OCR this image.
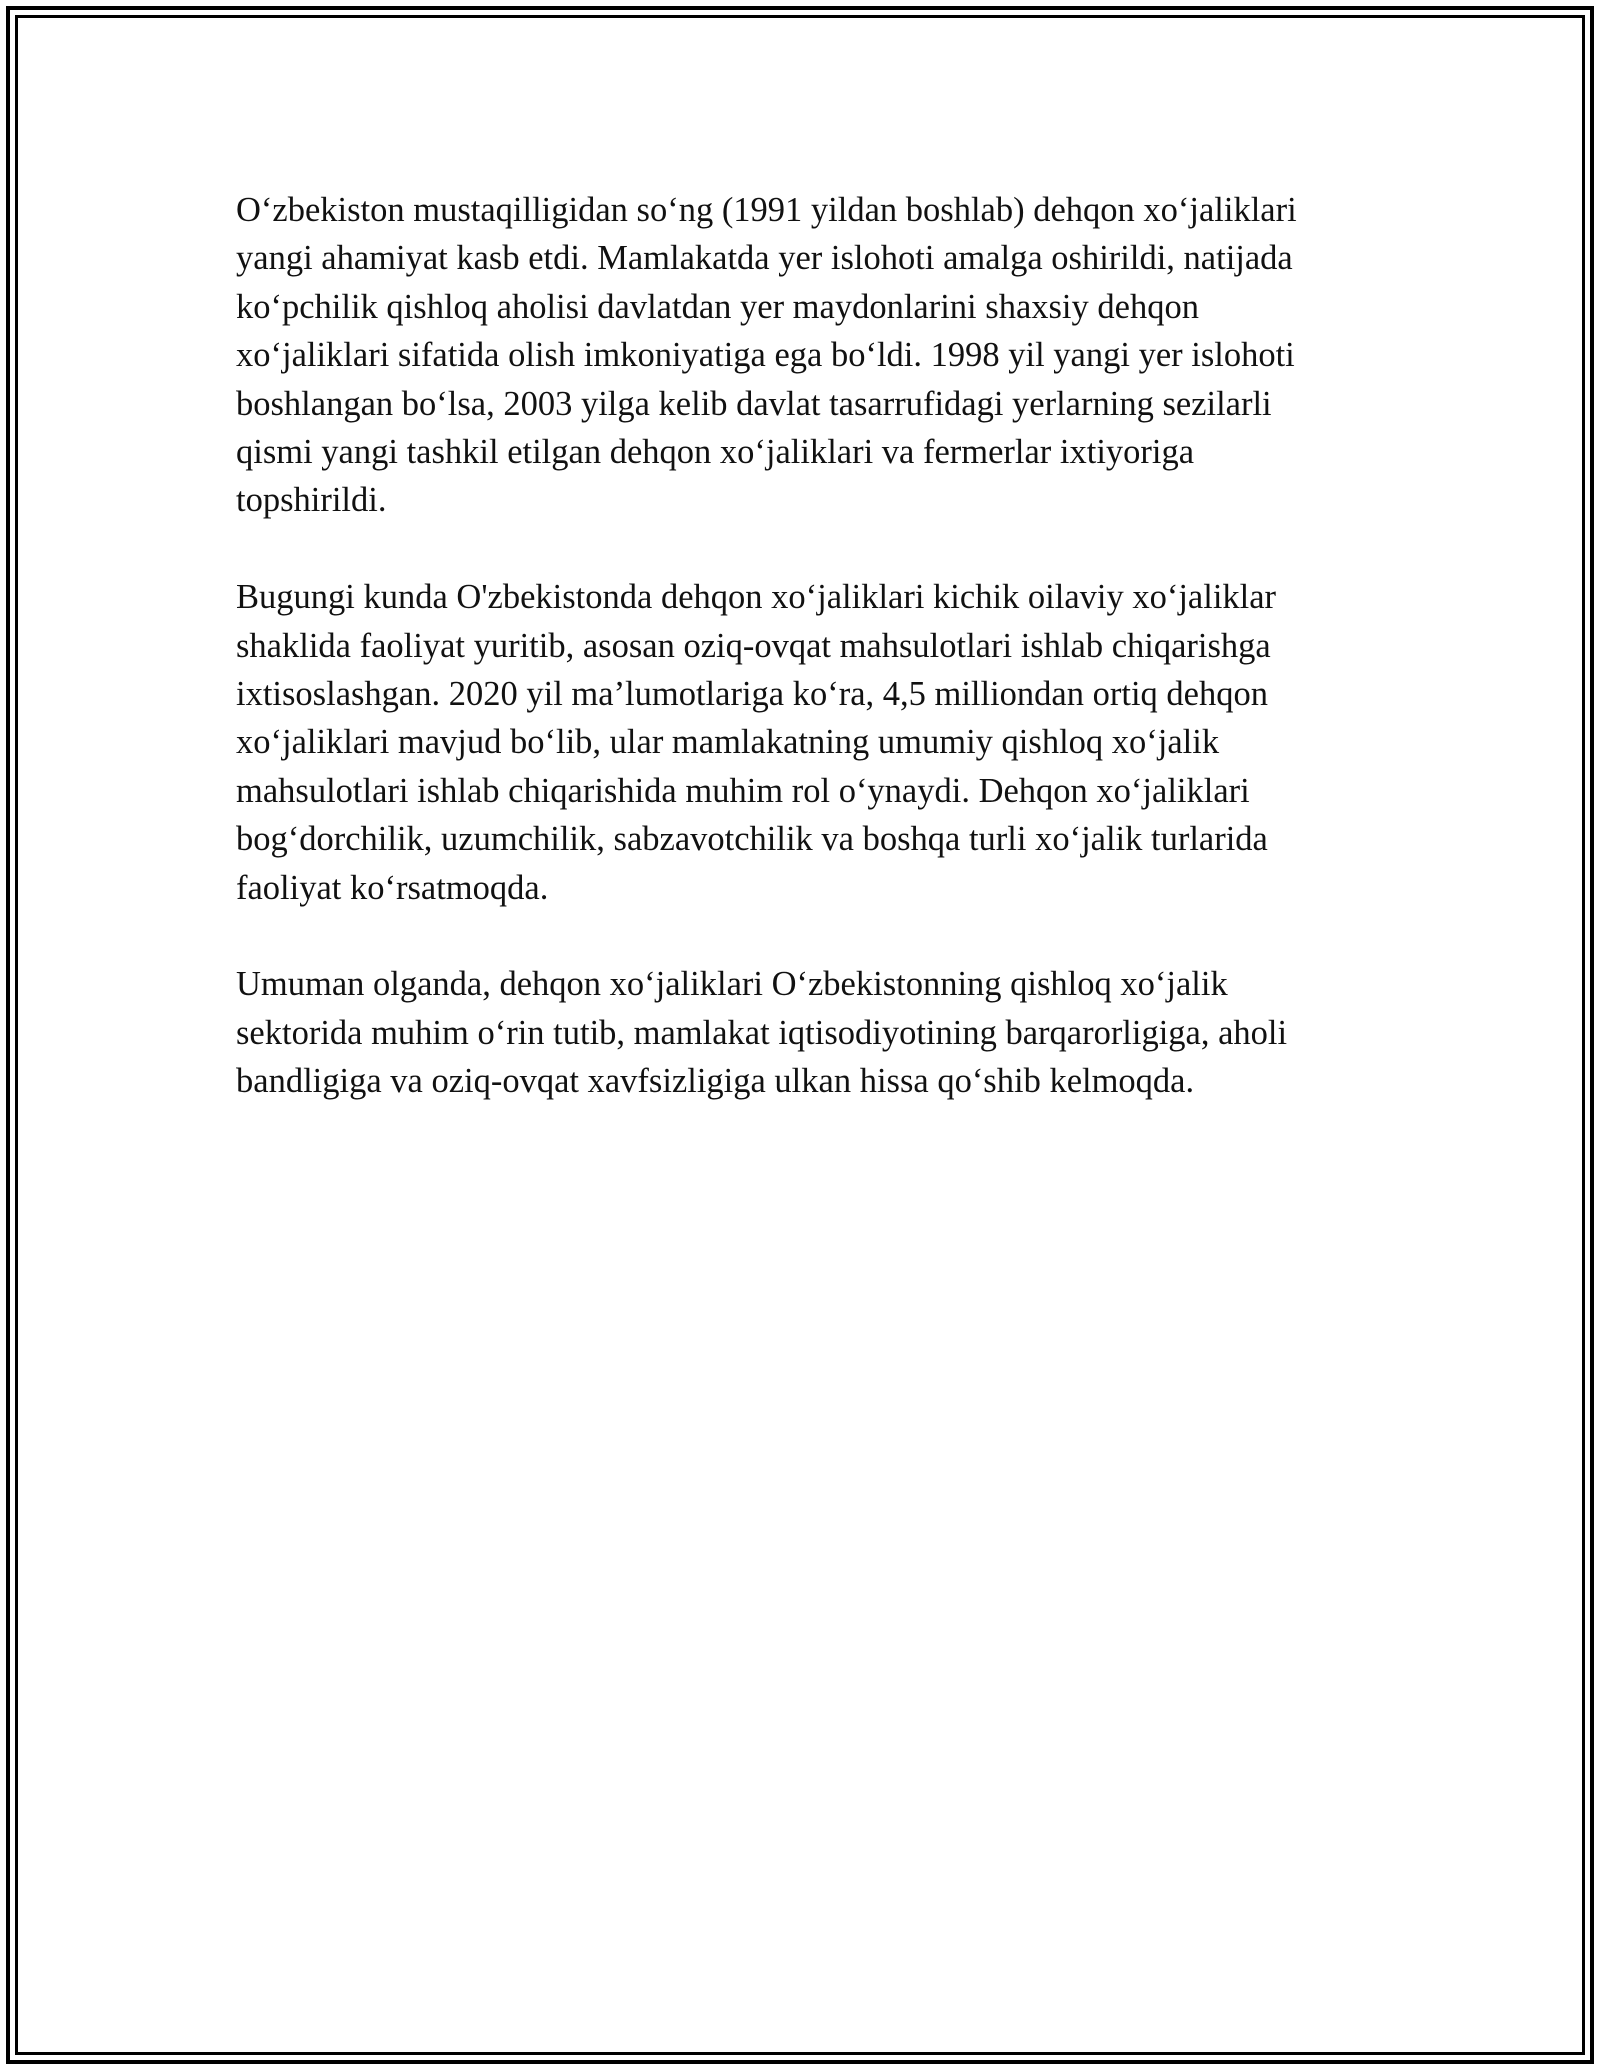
O‘zbekiston mustaqilligidan so‘ng (1991 yildan boshlab) dehqon xo‘jaliklari
yangi ahamiyat kasb etdi. Mamlakatda yer islohoti amalga oshirildi, natijada
ko‘pchilik qishloq aholisi davlatdan yer maydonlarini shaxsiy dehqon
xo‘jaliklari sifatida olish imkoniyatiga ega bo‘ldi. 1998 yil yangi yer islohoti
boshlangan bo‘lsa, 2003 yilga kelib davlat tasarrufidagi yerlarning sezilarli
qismi yangi tashkil etilgan dehqon xo‘jaliklari va fermerlar ixtiyoriga
topshirildi.

Bugungi kunda O'zbekistonda dehqon xo‘jaliklari kichik oilaviy xo‘jaliklar
shaklida faoliyat yuritib, asosan oziq-ovqat mahsulotlari ishlab chiqarishga
ixtisoslashgan. 2020 yil ma’lumotlariga ko‘ra, 4,5 milliondan ortiq dehqon
xo‘jaliklari mavjud bo‘lib, ular mamlakatning umumiy qishloq xo‘jalik
mahsulotlari ishlab chiqarishida muhim rol o‘ynaydi. Dehqon xo‘jaliklari
bog‘dorchilik, uzumchilik, sabzavotchilik va boshqa turli xo‘jalik turlarida
faoliyat ko‘rsatmoqda.

Umuman olganda, dehqon xo‘jaliklari O‘zbekistonning qishloq xo‘jalik
sektorida muhim o‘rin tutib, mamlakat iqtisodiyotining barqarorligiga, aholi
bandligiga va oziq-ovqat xavfsizligiga ulkan hissa qo‘shib kelmoqda.
